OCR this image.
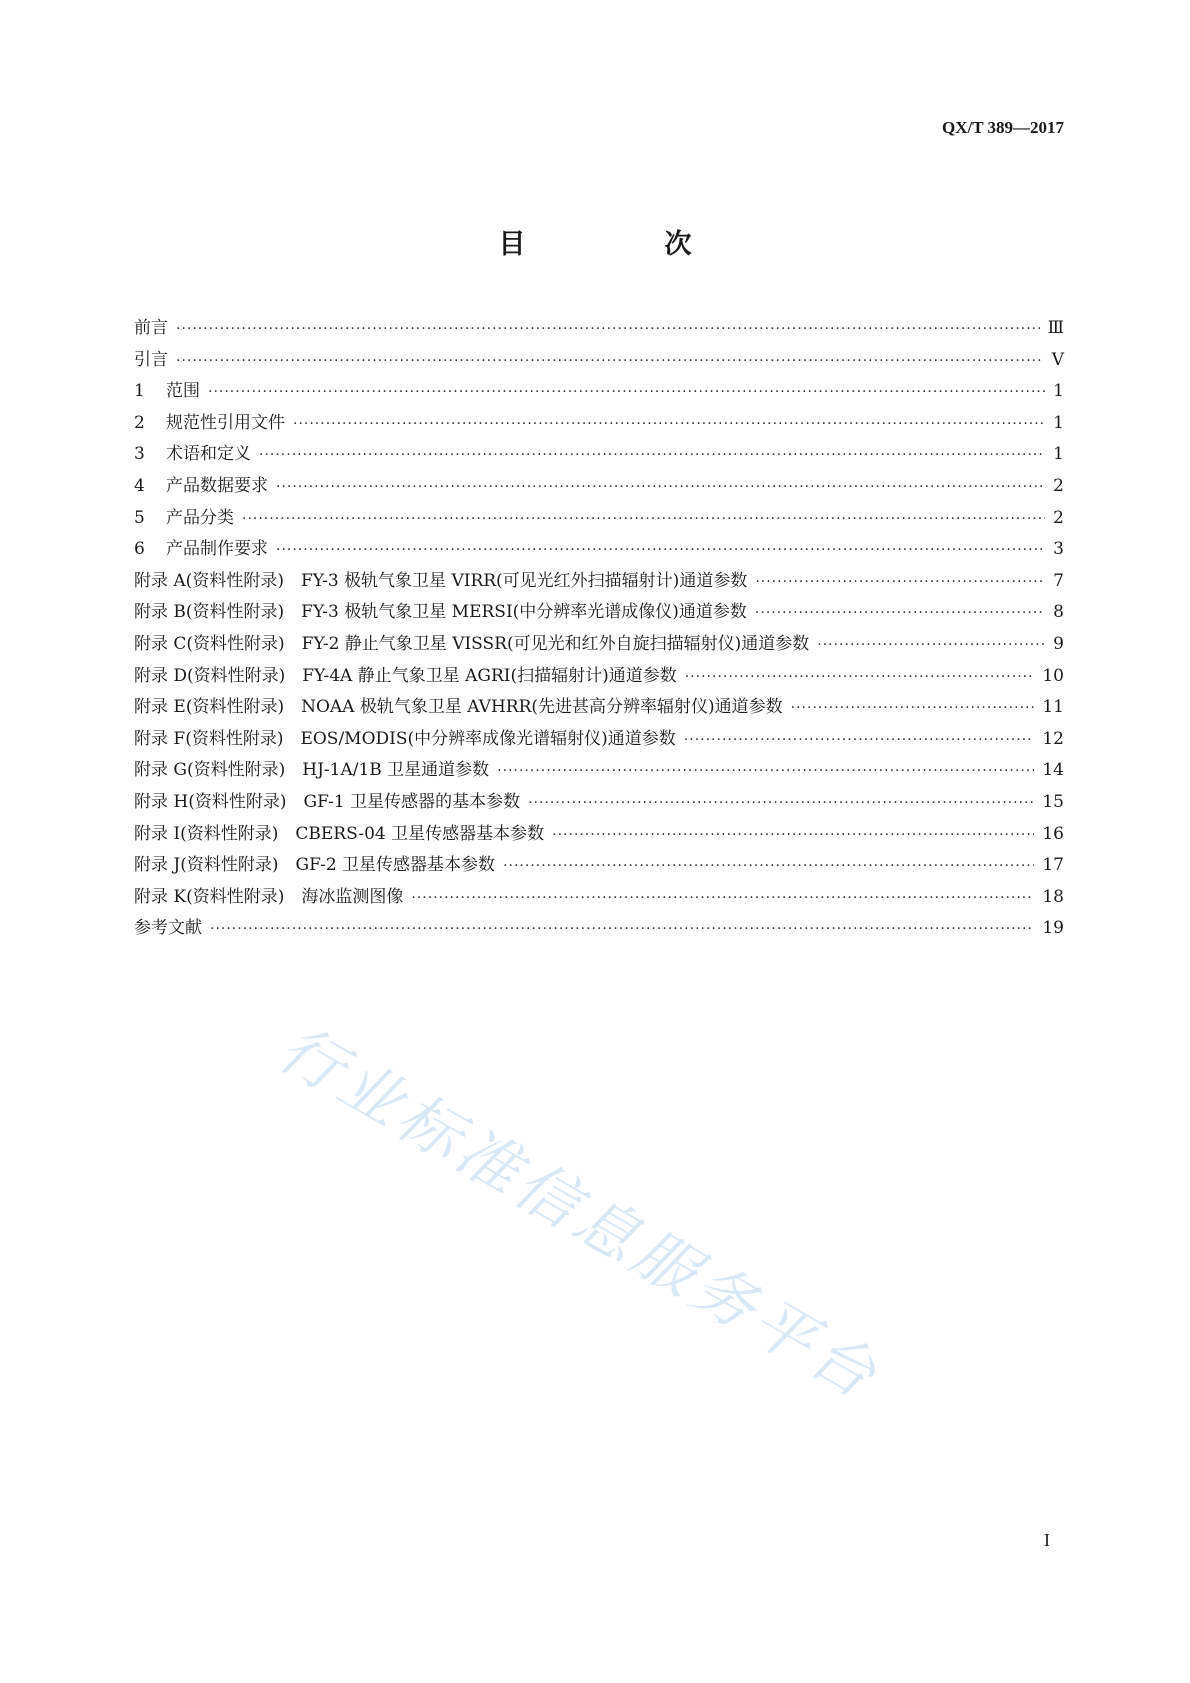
QX/T 389—2017
目　次
前言 ·····	Ⅲ
引言 ·····	Ⅴ
1	范围 ·····	1
2	规范性引用文件 ·····	1
3	术语和定义 ·····	1
4	产品数据要求 ·····	2
5	产品分类 ·····	2
6	产品制作要求 ·····	3
附录 A(资料性附录)　FY-3 极轨气象卫星 VIRR(可见光红外扫描辐射计)通道参数 ·····	7
附录 B(资料性附录)　FY-3 极轨气象卫星 MERSI(中分辨率光谱成像仪)通道参数 ·····	8
附录 C(资料性附录)　FY-2 静止气象卫星 VISSR(可见光和红外自旋扫描辐射仪)通道参数 ·····	9
附录 D(资料性附录)　FY-4A 静止气象卫星 AGRI(扫描辐射计)通道参数 ·····	10
附录 E(资料性附录)　NOAA 极轨气象卫星 AVHRR(先进甚高分辨率辐射仪)通道参数 ·····	11
附录 F(资料性附录)　EOS/MODIS(中分辨率成像光谱辐射仪)通道参数 ·····	12
附录 G(资料性附录)　HJ-1A/1B 卫星通道参数 ·····	14
附录 H(资料性附录)　GF-1 卫星传感器的基本参数 ·····	15
附录 I(资料性附录)　CBERS-04 卫星传感器基本参数 ·····	16
附录 J(资料性附录)　GF-2 卫星传感器基本参数 ·····	17
附录 K(资料性附录)　海冰监测图像 ·····	18
参考文献 ·····	19
行业标准信息服务平台
I
